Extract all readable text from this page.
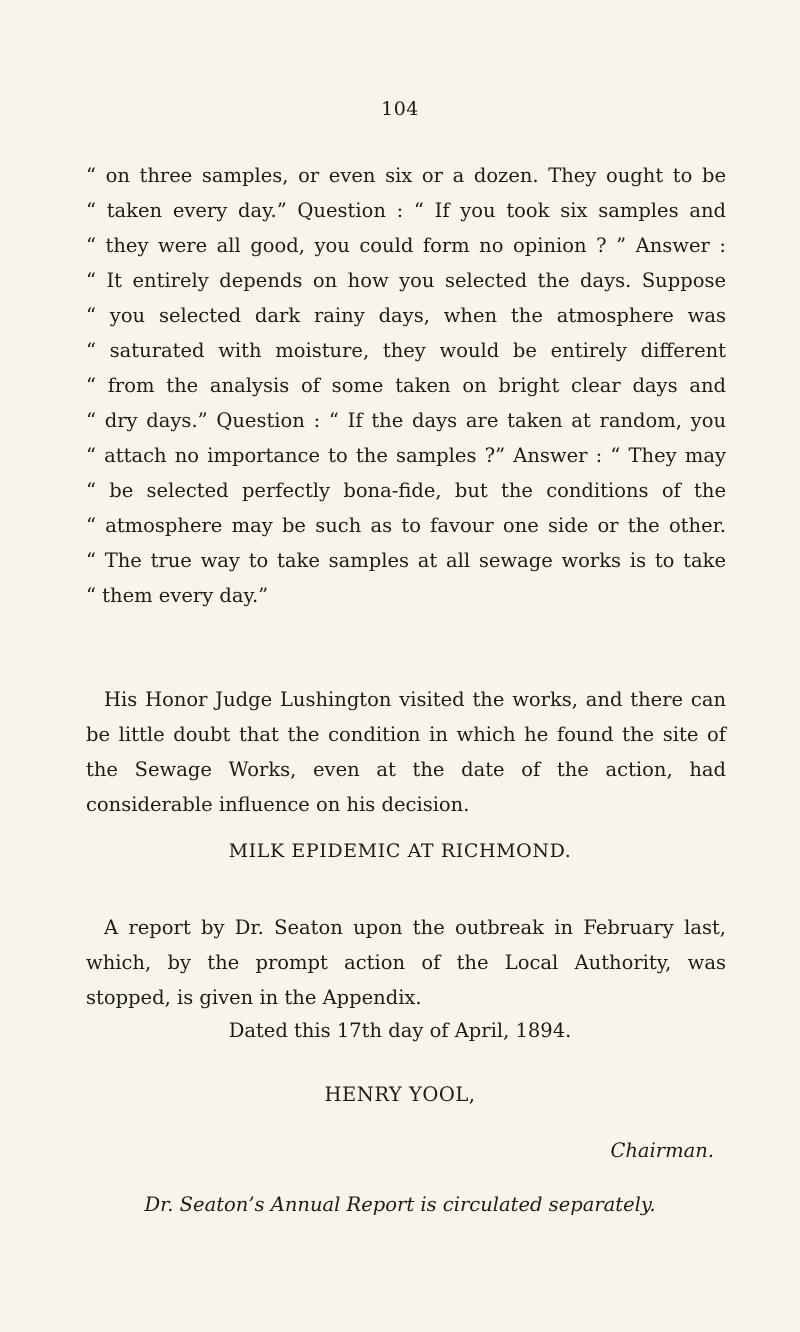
104
“ on three samples, or even six or a dozen. They ought to be
“ taken every day.” Question : “ If you took six samples and
“ they were all good, you could form no opinion ? ” Answer :
“ It entirely depends on how you selected the days. Suppose
“ you selected dark rainy days, when the atmosphere was
“ saturated with moisture, they would be entirely different
“ from the analysis of some taken on bright clear days and
“ dry days.” Question : “ If the days are taken at random, you
“ attach no importance to the samples ?” Answer : “ They may
“ be selected perfectly bona-fide, but the conditions of the
“ atmosphere may be such as to favour one side or the other.
“ The true way to take samples at all sewage works is to take
“ them every day.”

His Honor Judge Lushington visited the works, and there can be little doubt that the condition in which he found the site of the Sewage Works, even at the date of the action, had considerable influence on his decision.

MILK EPIDEMIC AT RICHMOND.

A report by Dr. Seaton upon the outbreak in February last, which, by the prompt action of the Local Authority, was stopped, is given in the Appendix.

Dated this 17th day of April, 1894.
HENRY YOOL,
Chairman.
Dr. Seaton’s Annual Report is circulated separately.
